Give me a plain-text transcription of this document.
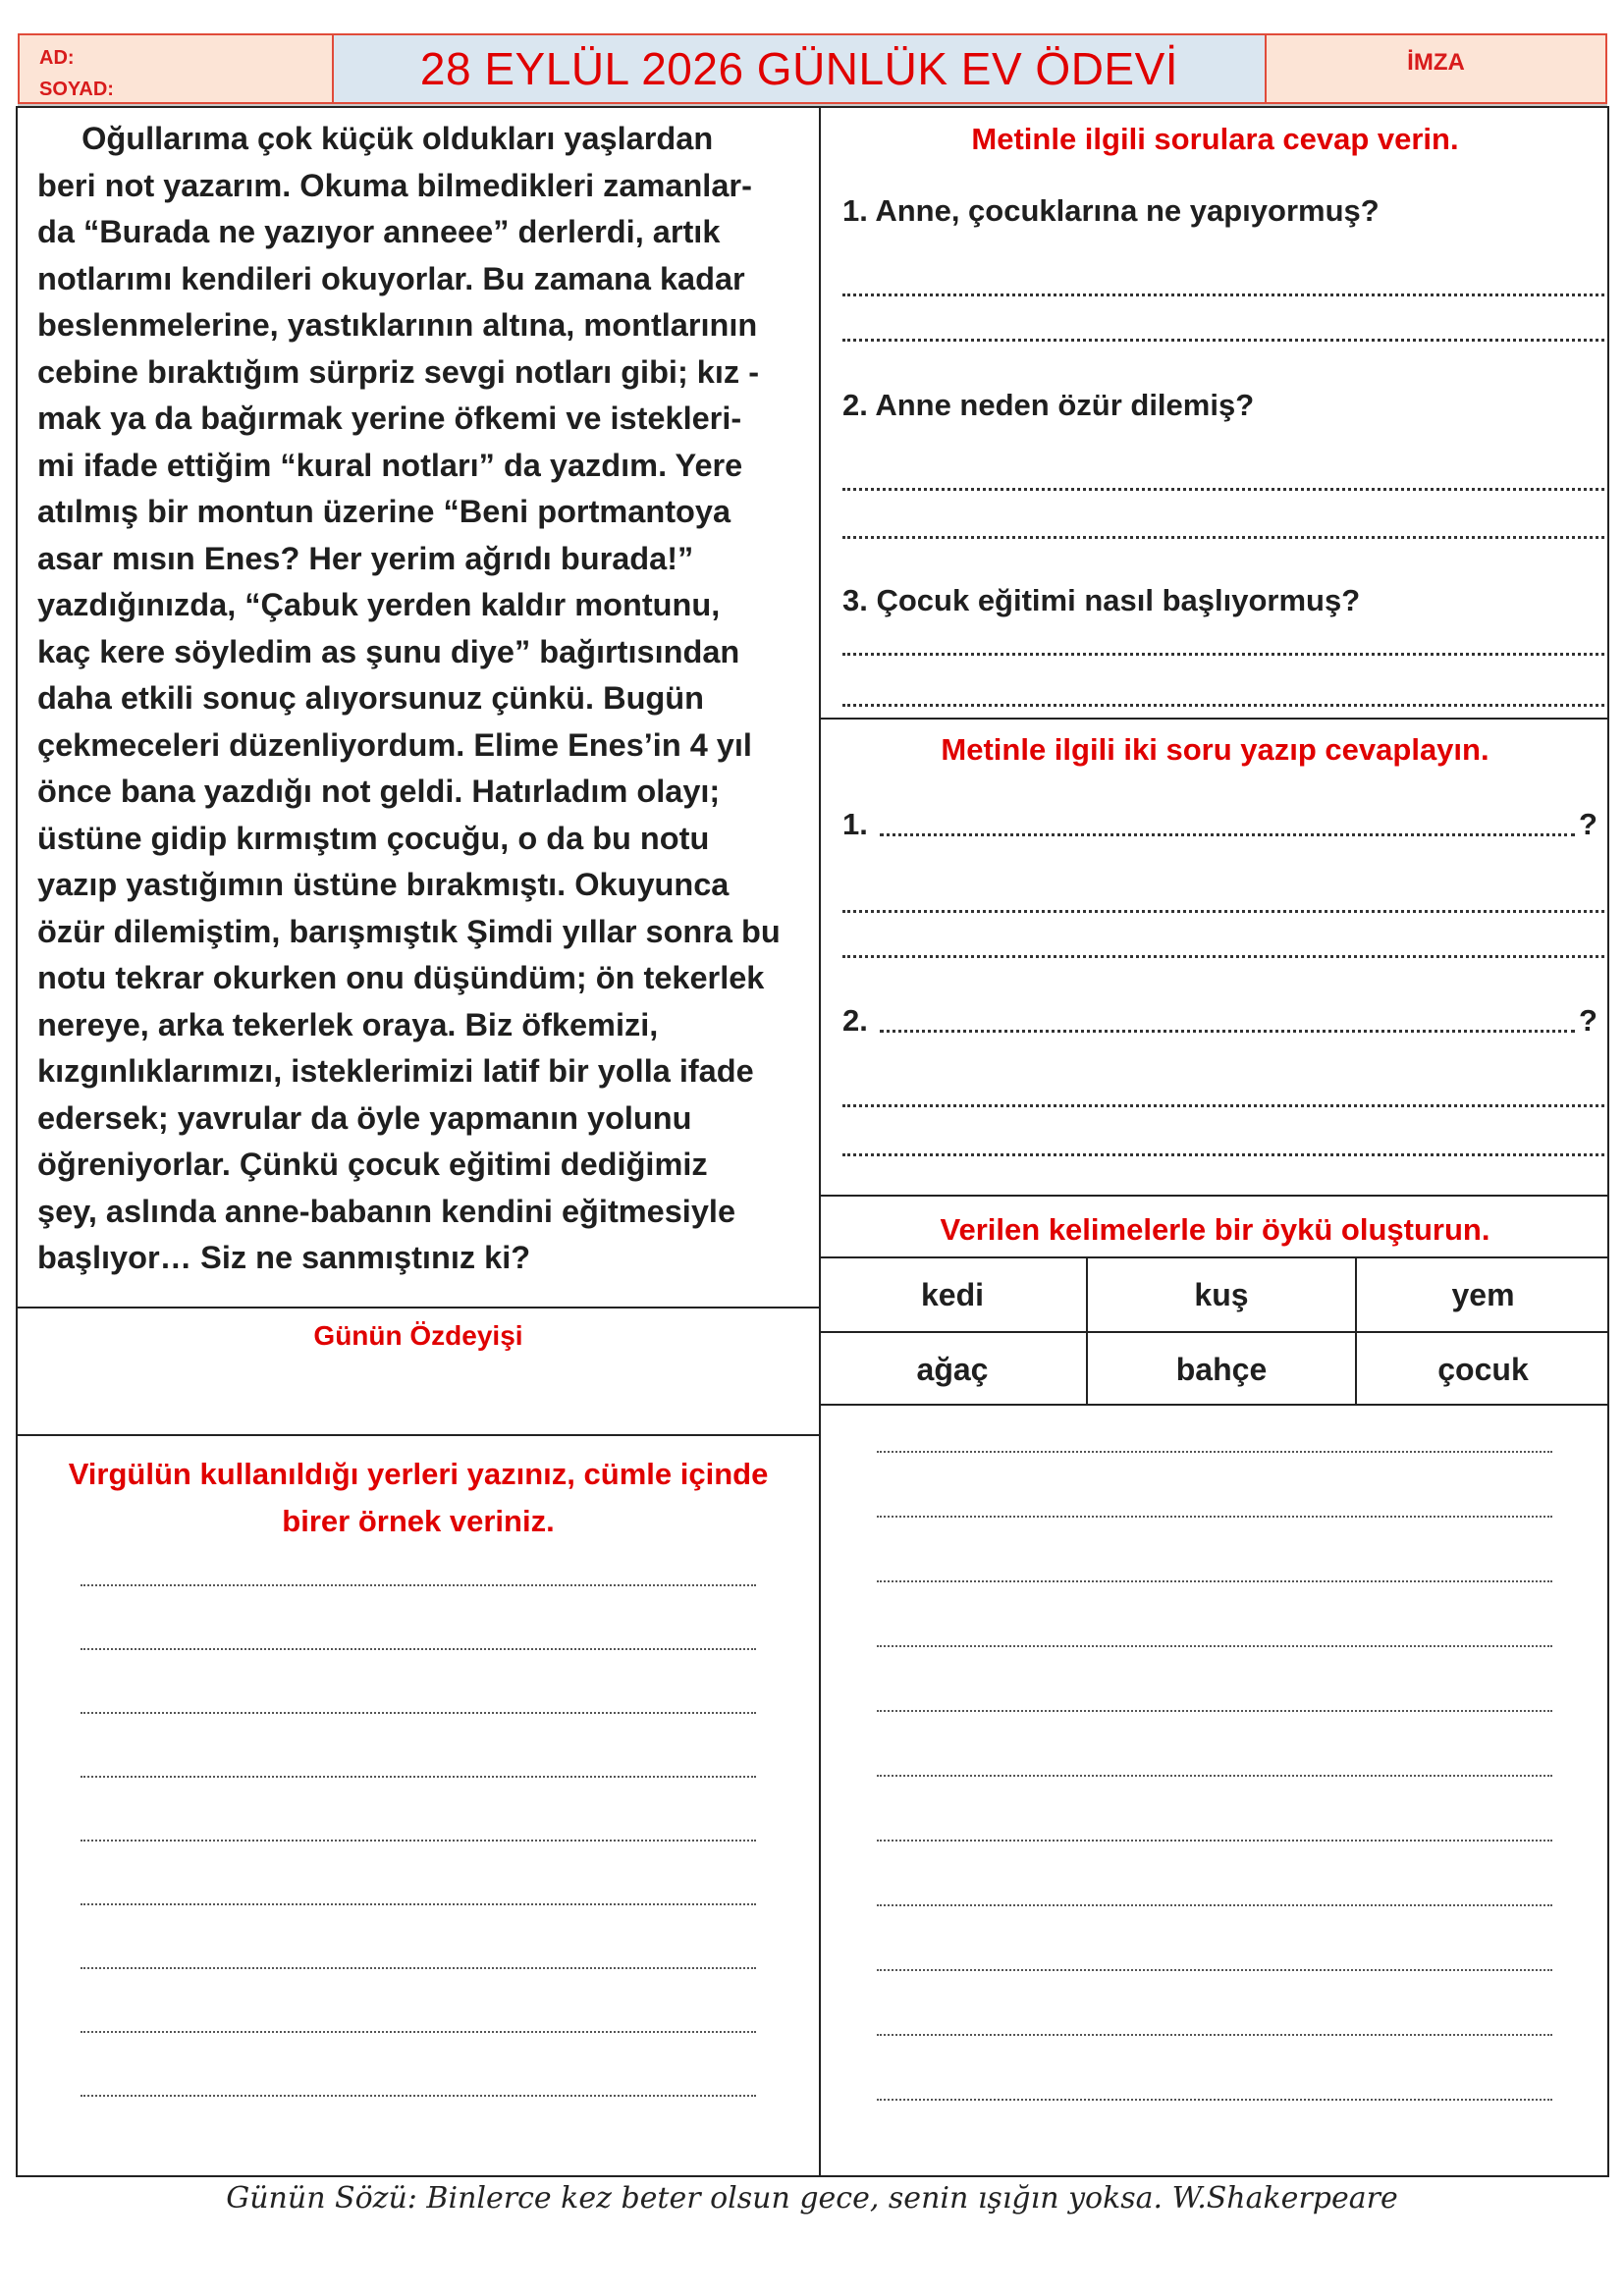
AD:
SOYAD:	28 EYLÜL 2026 GÜNLÜK EV ÖDEVİ	İMZA
Oğullarıma çok küçük oldukları yaşlardan
beri not yazarım. Okuma bilmedikleri zamanlar-
da “Burada ne yazıyor anneee” derlerdi, artık
notlarımı kendileri okuyorlar. Bu zamana kadar
beslenmelerine, yastıklarının altına, montlarının
cebine bıraktığım sürpriz sevgi notları gibi; kız -
mak ya da bağırmak yerine öfkemi ve istekleri-
mi ifade ettiğim “kural notları” da yazdım. Yere
atılmış bir montun üzerine “Beni portmantoya
asar mısın Enes? Her yerim ağrıdı burada!”
yazdığınızda, “Çabuk yerden kaldır montunu,
kaç kere söyledim as şunu diye” bağırtısından
daha etkili sonuç alıyorsunuz çünkü. Bugün
çekmeceleri düzenliyordum. Elime Enes’in 4 yıl
önce bana yazdığı not geldi. Hatırladım olayı;
üstüne gidip kırmıştım çocuğu, o da bu notu
yazıp yastığımın üstüne bırakmıştı. Okuyunca
özür dilemiştim, barışmıştık Şimdi yıllar sonra bu
notu tekrar okurken onu düşündüm; ön tekerlek
nereye, arka tekerlek oraya. Biz öfkemizi,
kızgınlıklarımızı, isteklerimizi latif bir yolla ifade
edersek; yavrular da öyle yapmanın yolunu
öğreniyorlar. Çünkü çocuk eğitimi dediğimiz
şey, aslında anne-babanın kendini eğitmesiyle
başlıyor… Siz ne sanmıştınız ki?
Günün Özdeyişi
Virgülün kullanıldığı yerleri yazınız, cümle içinde
birer örnek veriniz.
Metinle ilgili sorulara cevap verin.
1. Anne, çocuklarına ne yapıyormuş?
2. Anne neden özür dilemiş?
3. Çocuk eğitimi nasıl başlıyormuş?
Metinle ilgili iki soru yazıp cevaplayın.
1.	?
2.	?
Verilen kelimelerle bir öykü oluşturun.
kedi	kuş	yem
ağaç	bahçe	çocuk
Günün Sözü: Binlerce kez beter olsun gece, senin ışığın yoksa. W.Shakerpeare
